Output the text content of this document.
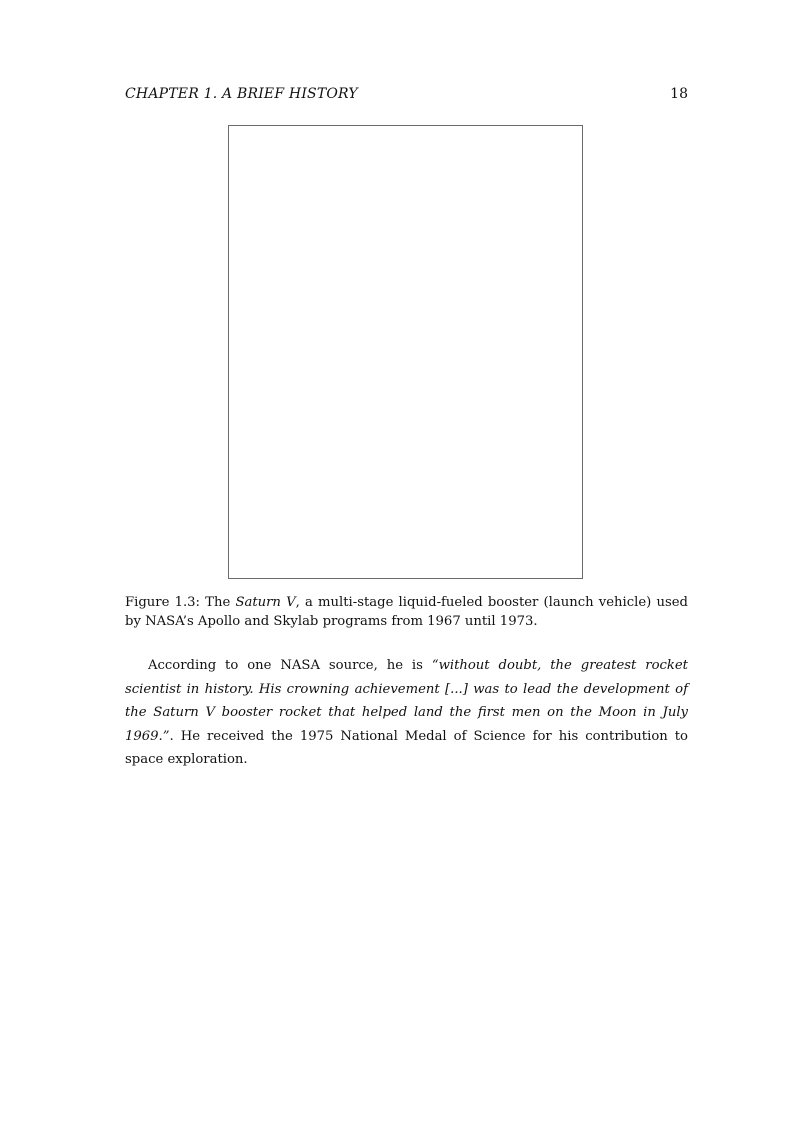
CHAPTER 1. A BRIEF HISTORY	18
Figure 1.3: The Saturn V, a multi-stage liquid-fueled booster (launch vehicle) used by NASA’s Apollo and Skylab programs from 1967 until 1973.

According to one NASA source, he is “without doubt, the greatest rocket scientist in history. His crowning achievement [...] was to lead the development of the Saturn V booster rocket that helped land the first men on the Moon in July 1969.”. He received the 1975 National Medal of Science for his contribution to space exploration.
